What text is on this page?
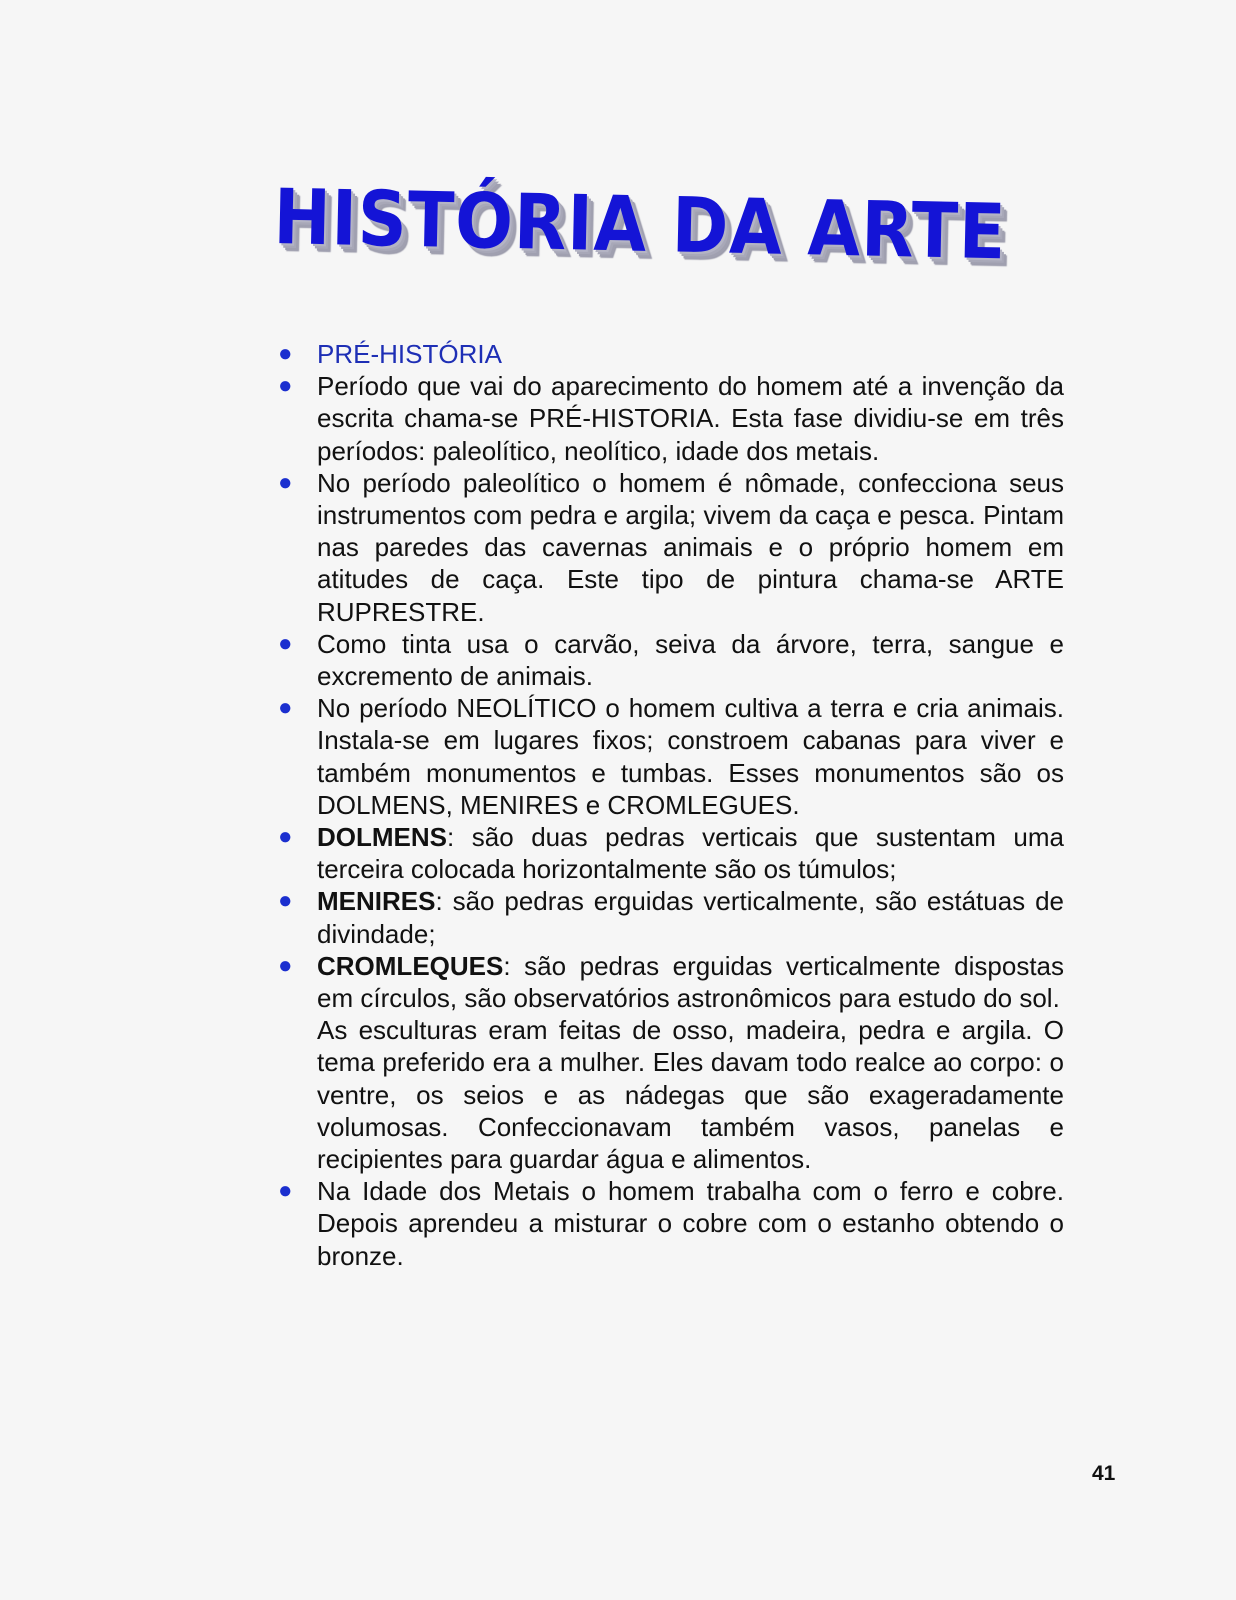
HISTÓRIA DA ARTE
● PRÉ-HISTÓRIA
● Período que vai do aparecimento do homem até a invenção da escrita chama-se PRÉ-HISTORIA. Esta fase dividiu-se em três períodos: paleolítico, neolítico, idade dos metais.
● No período paleolítico o homem é nômade, confecciona seus instrumentos com pedra e argila; vivem da caça e pesca. Pintam nas paredes das cavernas animais e o próprio homem em atitudes de caça. Este tipo de pintura chama-se ARTE RUPRESTRE.
● Como tinta usa o carvão, seiva da árvore, terra, sangue e excremento de animais.
● No período NEOLÍTICO o homem cultiva a terra e cria animais. Instala-se em lugares fixos; constroem cabanas para viver e também monumentos e tumbas. Esses monumentos são os DOLMENS, MENIRES e CROMLEGUES.
● DOLMENS: são duas pedras verticais que sustentam uma terceira colocada horizontalmente são os túmulos;
● MENIRES: são pedras erguidas verticalmente, são estátuas de divindade;
● CROMLEQUES: são pedras erguidas verticalmente dispostas em círculos, são observatórios astronômicos para estudo do sol.
As esculturas eram feitas de osso, madeira, pedra e argila. O tema preferido era a mulher. Eles davam todo realce ao corpo: o ventre, os seios e as nádegas que são exageradamente volumosas. Confeccionavam também vasos, panelas e recipientes para guardar água e alimentos.
● Na Idade dos Metais o homem trabalha com o ferro e cobre. Depois aprendeu a misturar o cobre com o estanho obtendo o bronze.
41
